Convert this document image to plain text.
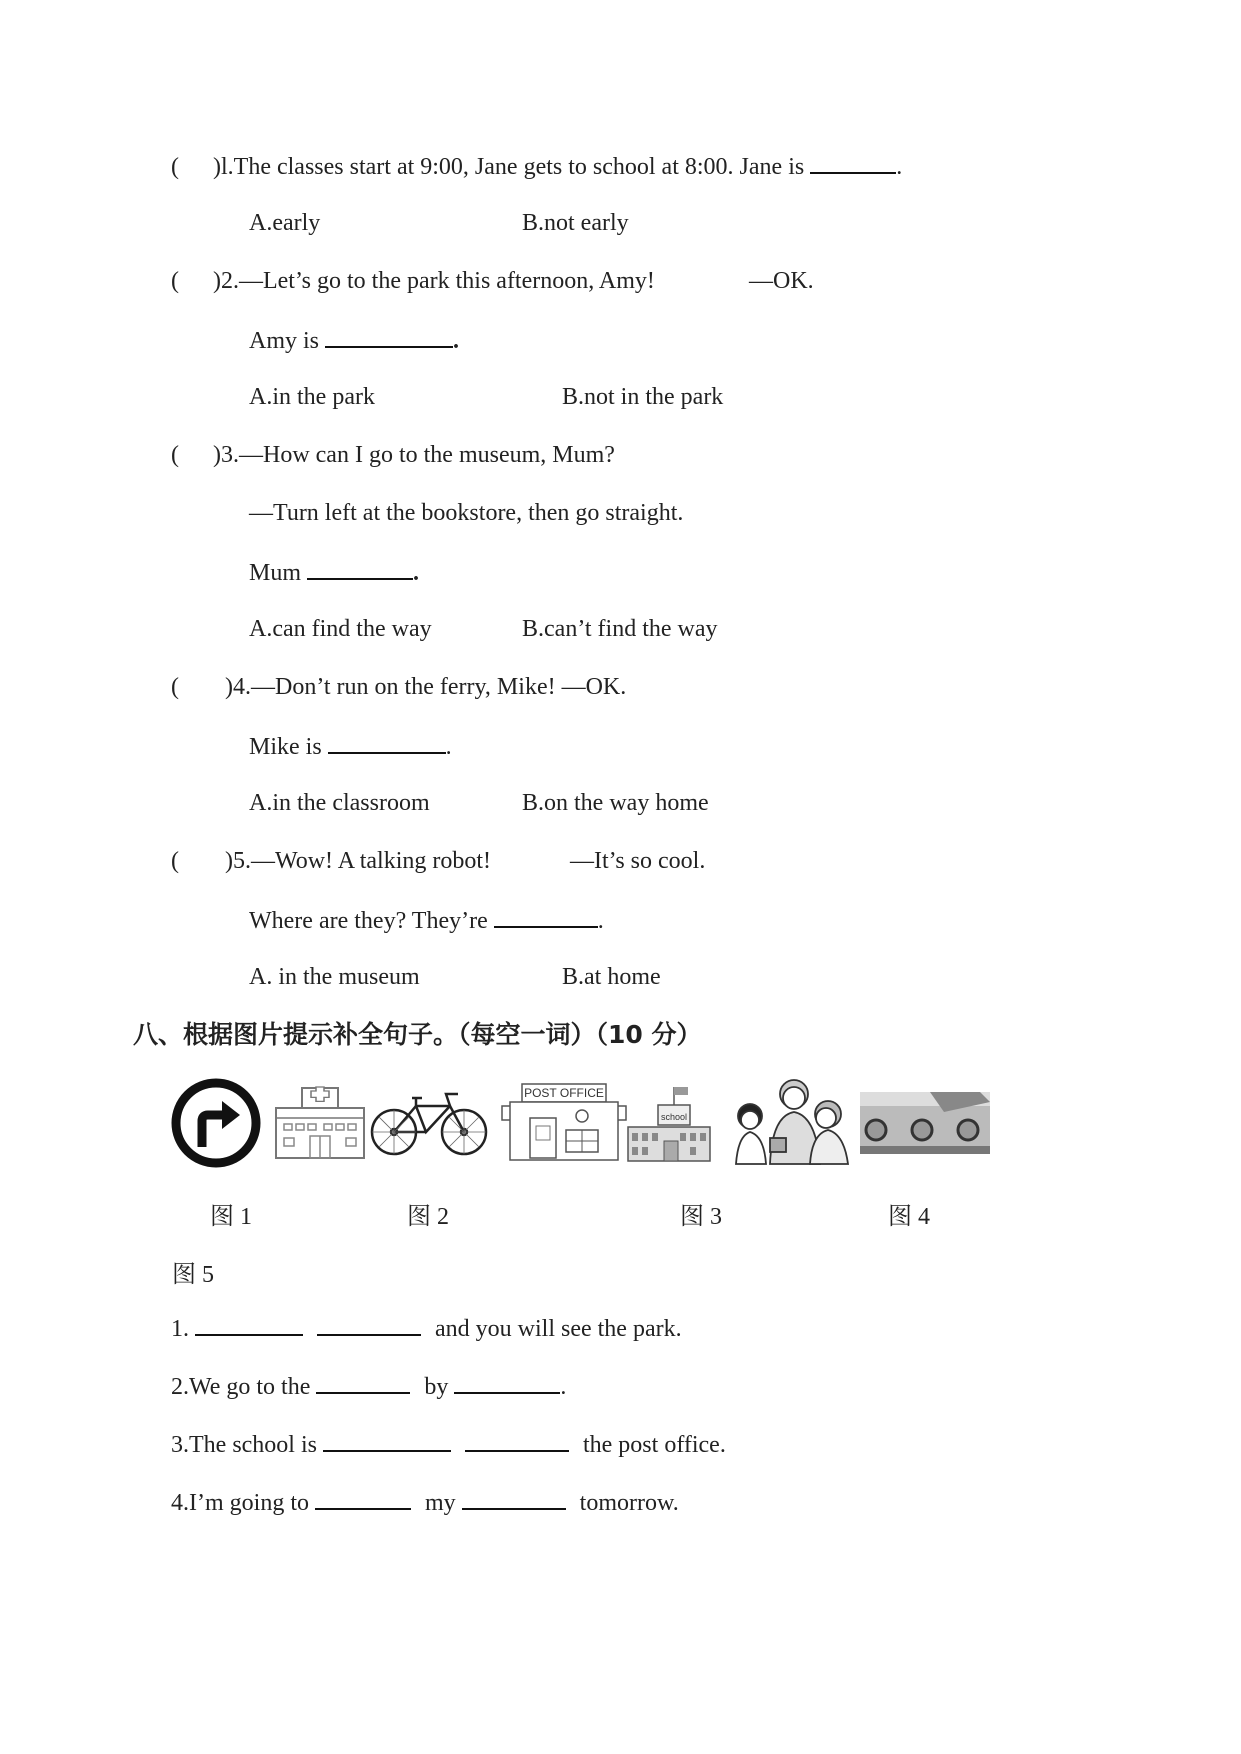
( )l.The classes start at 9:00, Jane gets to school at 8:00. Jane is	.
A.early	B.not early
( )2.—Let’s go to the park this afternoon, Amy!	—OK.
Amy is	.
A.in the park	B.not in the park
( )3.—How can I go to the museum, Mum?
—Turn left at the bookstore, then go straight.
Mum	.
A.can find the way	B.can’t find the way
( )4.—Don’t run on the ferry, Mike! —OK.
Mike is	.
A.in the classroom	B.on the way home
( )5.—Wow! A talking robot!	—It’s so cool.
Where are they? They’re	.
A. in the museum	B.at home
八、根据图片提示补全句子。（每空一词）（10 分）
POST OFFICE
school
图 1	图 2	图 3	图 4
图 5
1.	and you will see the park.
2.We go to the	by	.
3.The school is	the post office.
4.I’m going to	my	tomorrow.
